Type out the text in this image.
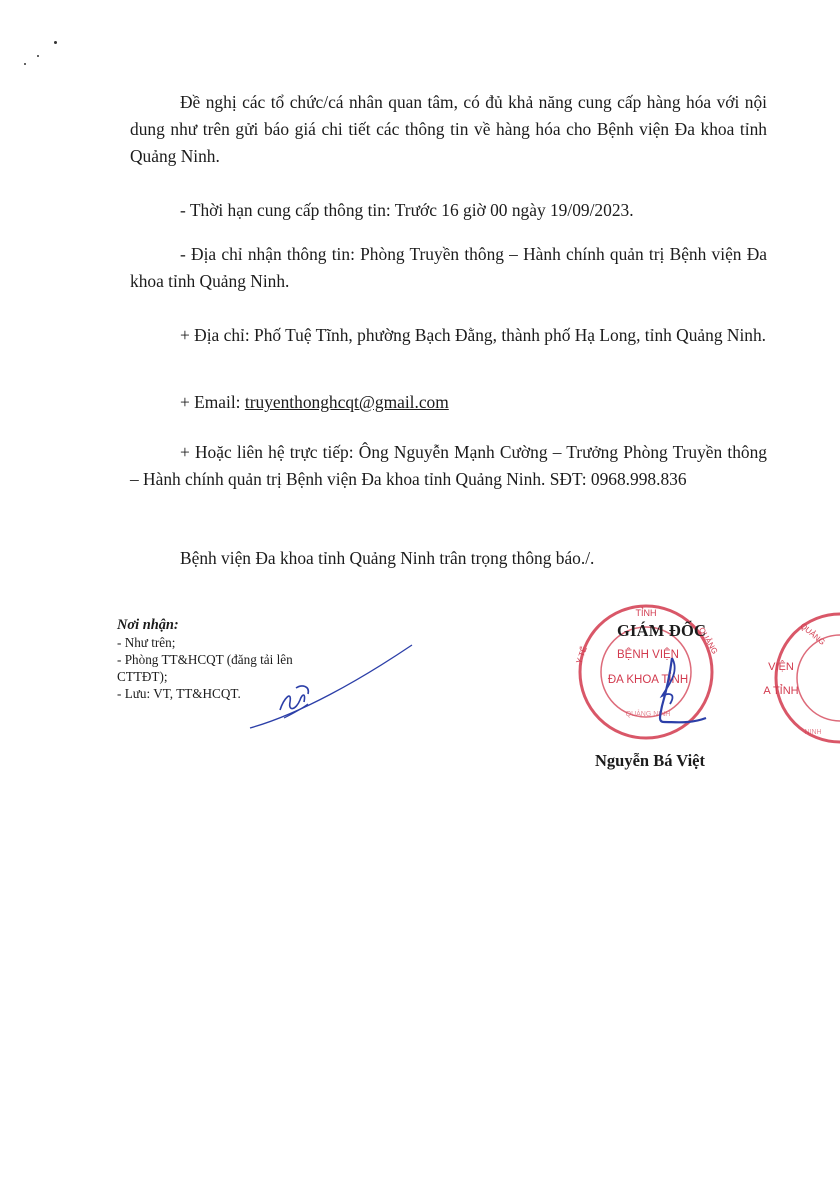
Đề nghị các tổ chức/cá nhân quan tâm, có đủ khả năng cung cấp hàng hóa với nội dung như trên gửi báo giá chi tiết các thông tin về hàng hóa cho Bệnh viện Đa khoa tỉnh Quảng Ninh.

- Thời hạn cung cấp thông tin: Trước 16 giờ 00 ngày 19/09/2023.

- Địa chỉ nhận thông tin: Phòng Truyền thông – Hành chính quản trị Bệnh viện Đa khoa tỉnh Quảng Ninh.

+ Địa chỉ: Phố Tuệ Tĩnh, phường Bạch Đằng, thành phố Hạ Long, tỉnh Quảng Ninh.

+ Email: truyenthonghcqt@gmail.com

+ Hoặc liên hệ trực tiếp: Ông Nguyễn Mạnh Cường – Trưởng Phòng Truyền thông – Hành chính quản trị Bệnh viện Đa khoa tỉnh Quảng Ninh. SĐT: 0968.998.836

Bệnh viện Đa khoa tỉnh Quảng Ninh trân trọng thông báo./.

Nơi nhận:
- Như trên;
- Phòng TT&HCQT (đăng tải lên CTTĐT);
- Lưu: VT, TT&HCQT.
TỈNH
QUẢNG
Y TẾ
QUẢNG NINH
BỆNH VIỆN
ĐA KHOA TỈNH
GIÁM ĐỐC	QUẢNG
NINH
VIỆN
A TỈNH
Nguyễn Bá Việt
